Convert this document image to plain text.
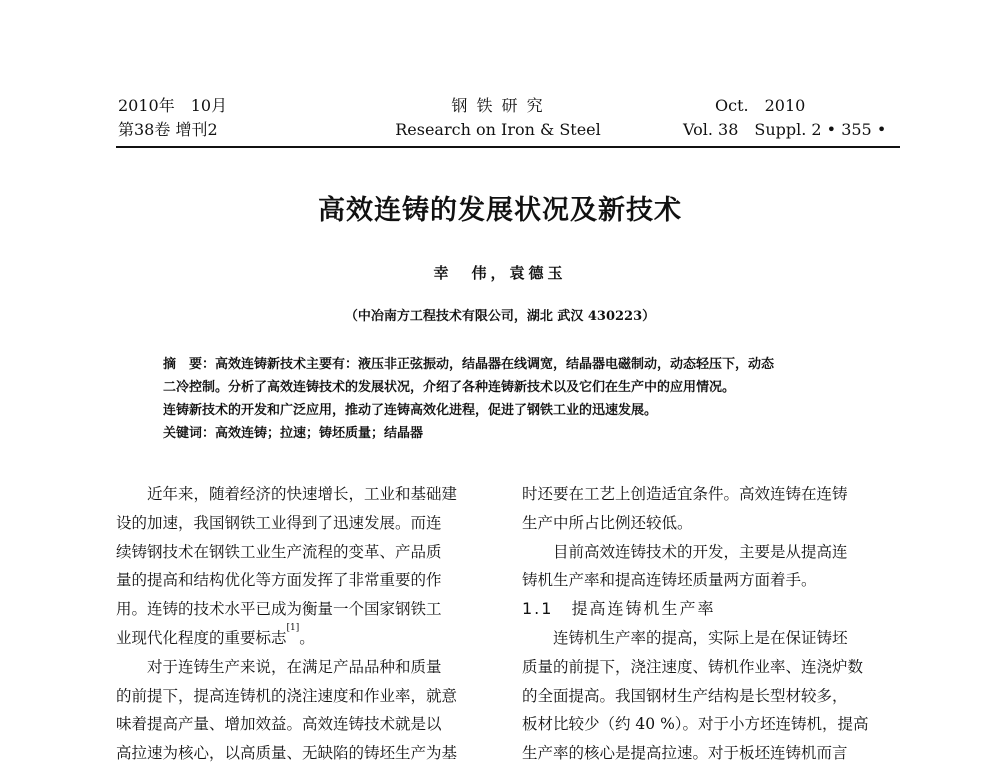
2010年　10月
第38卷 增刊2
钢 铁 研 究
Research on Iron & Steel
Oct.　2010
Vol. 38　Suppl. 2 • 355 •
高效连铸的发展状况及新技术
幸　伟，袁德玉
（中冶南方工程技术有限公司，湖北 武汉 430223）
摘　要：高效连铸新技术主要有：液压非正弦振动，结晶器在线调宽，结晶器电磁制动，动态轻压下，动态
二冷控制。分析了高效连铸技术的发展状况，介绍了各种连铸新技术以及它们在生产中的应用情况。
连铸新技术的开发和广泛应用，推动了连铸高效化进程，促进了钢铁工业的迅速发展。
关键词：高效连铸；拉速；铸坯质量；结晶器
近年来，随着经济的快速增长，工业和基础建
设的加速，我国钢铁工业得到了迅速发展。而连
续铸钢技术在钢铁工业生产流程的变革、产品质
量的提高和结构优化等方面发挥了非常重要的作
用。连铸的技术水平已成为衡量一个国家钢铁工
业现代化程度的重要标志[1]。
对于连铸生产来说，在满足产品品种和质量
的前提下，提高连铸机的浇注速度和作业率，就意
味着提高产量、增加效益。高效连铸技术就是以
高拉速为核心，以高质量、无缺陷的铸坯生产为基
时还要在工艺上创造适宜条件。高效连铸在连铸
生产中所占比例还较低。
目前高效连铸技术的开发，主要是从提高连
铸机生产率和提高连铸坯质量两方面着手。
1.1　提高连铸机生产率
连铸机生产率的提高，实际上是在保证铸坯
质量的前提下，浇注速度、铸机作业率、连浇炉数
的全面提高。我国钢材生产结构是长型材较多，
板材比较少（约 40 %）。对于小方坯连铸机，提高
生产率的核心是提高拉速。对于板坯连铸机而言
